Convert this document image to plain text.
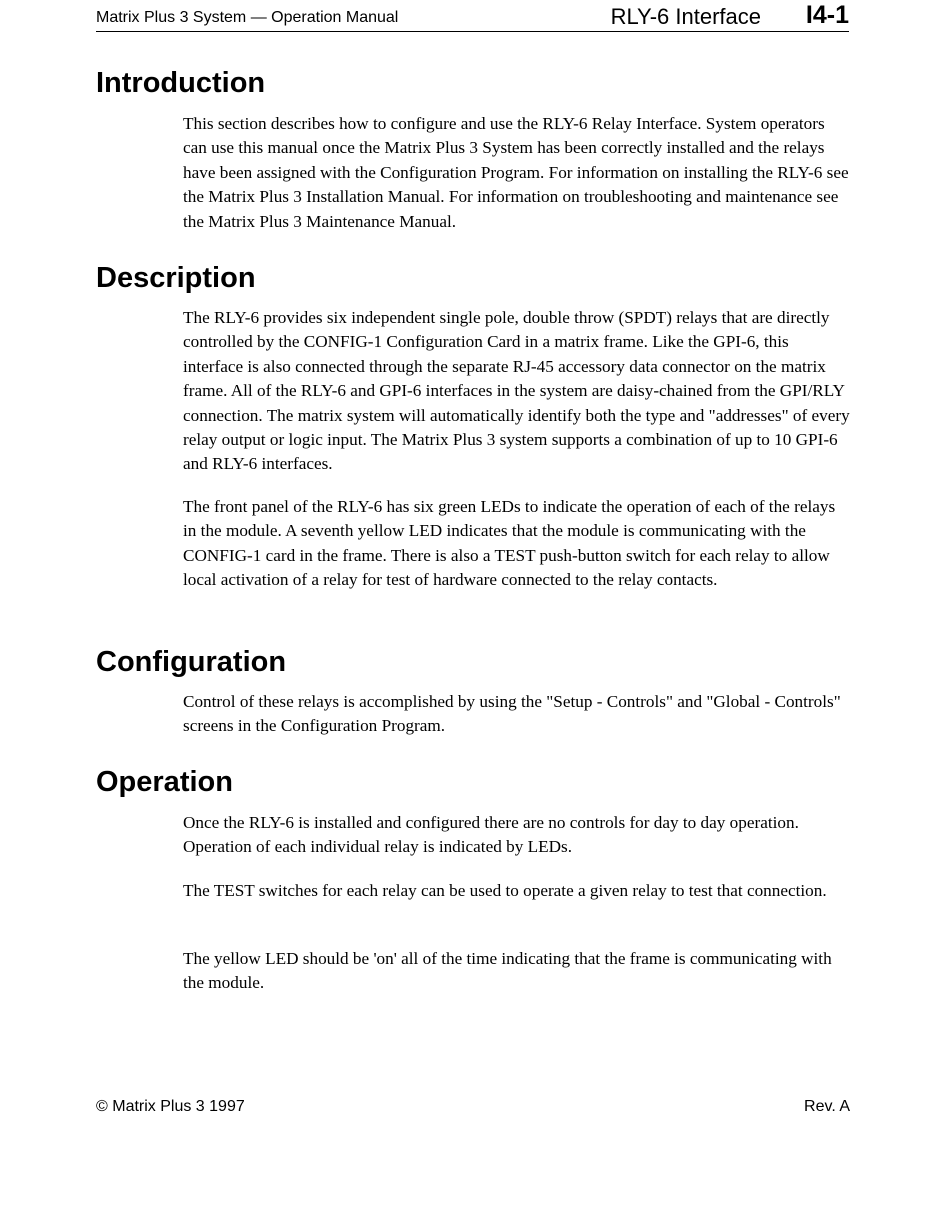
Matrix Plus 3 System — Operation Manual	RLY-6 Interface I4-1
Introduction

This section describes how to configure and use the RLY-6 Relay Interface. System operators can use this manual once the Matrix Plus 3 System has been correctly installed and the relays have been assigned with the Configuration Program. For information on installing the RLY-6 see the Matrix Plus 3 Installation Manual. For information on troubleshooting and maintenance see the Matrix Plus 3 Maintenance Manual.

Description

The RLY-6 provides six independent single pole, double throw (SPDT) relays that are directly controlled by the CONFIG-1 Configuration Card in a matrix frame. Like the GPI-6, this interface is also connected through the separate RJ-45 accessory data connector on the matrix frame. All of the RLY-6 and GPI-6 interfaces in the system are daisy-chained from the GPI/RLY connection. The matrix system will automatically identify both the type and "addresses" of every relay output or logic input. The Matrix Plus 3 system supports a combination of up to 10 GPI-6 and RLY-6 interfaces.

The front panel of the RLY-6 has six green LEDs to indicate the operation of each of the relays in the module. A seventh yellow LED indicates that the module is communicating with the CONFIG-1 card in the frame. There is also a TEST push-button switch for each relay to allow local activation of a relay for test of hardware connected to the relay contacts.

Configuration

Control of these relays is accomplished by using the "Setup - Controls" and "Global - Controls" screens in the Configuration Program.

Operation

Once the RLY-6 is installed and configured there are no controls for day to day operation. Operation of each individual relay is indicated by LEDs.

The TEST switches for each relay can be used to operate a given relay to test that connection.

The yellow LED should be 'on' all of the time indicating that the frame is communicating with the module.

© Matrix Plus 3 1997	Rev. A
